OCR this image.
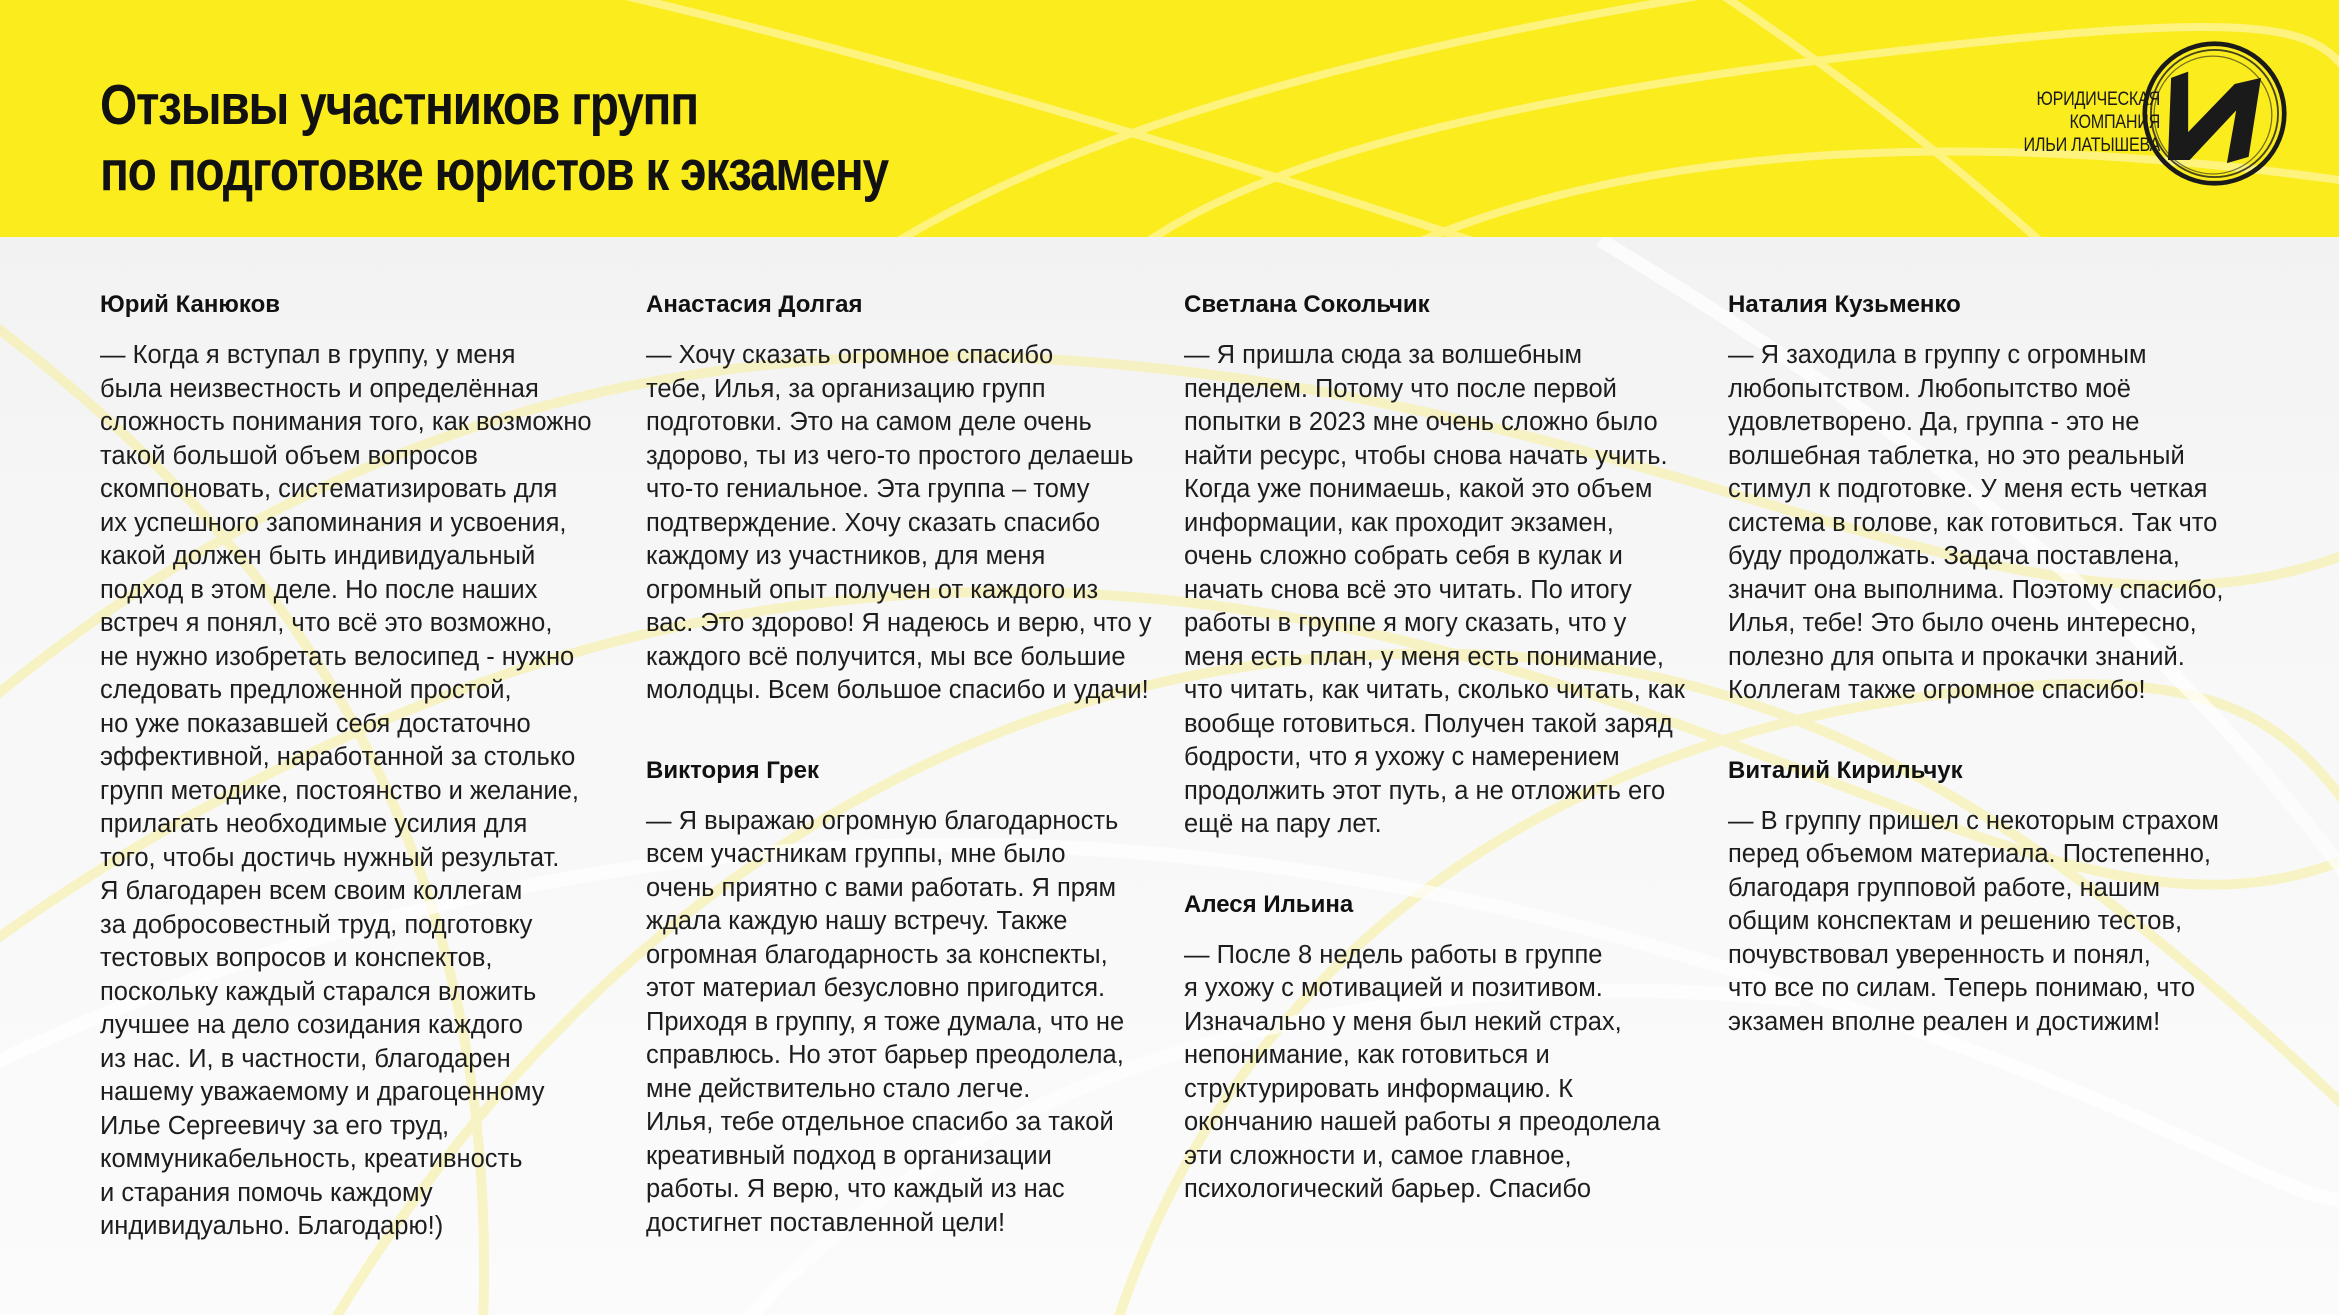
Отзывы участников групп
по подготовке юристов к экзамену
ЮРИДИЧЕСКАЯ
КОМПАНИЯ
ИЛЬИ ЛАТЫШЕВА

Юрий Канюков

— Когда я вступал в группу, у меня
была неизвестность и определённая
сложность понимания того, как возможно
такой большой объем вопросов
скомпоновать, систематизировать для
их успешного запоминания и усвоения,
какой должен быть индивидуальный
подход в этом деле. Но после наших
встреч я понял, что всё это возможно,
не нужно изобретать велосипед - нужно
следовать предложенной простой,
но уже показавшей себя достаточно
эффективной, наработанной за столько
групп методике, постоянство и желание,
прилагать необходимые усилия для
того, чтобы достичь нужный результат.
Я благодарен всем своим коллегам
за добросовестный труд, подготовку
тестовых вопросов и конспектов,
поскольку каждый старался вложить
лучшее на дело созидания каждого
из нас. И, в частности, благодарен
нашему уважаемому и драгоценному
Илье Сергеевичу за его труд,
коммуникабельность, креативность
и старания помочь каждому
индивидуально. Благодарю!)

Анастасия Долгая

— Хочу сказать огромное спасибо
тебе, Илья, за организацию групп
подготовки. Это на самом деле очень
здорово, ты из чего-то простого делаешь
что-то гениальное. Эта группа – тому
подтверждение. Хочу сказать спасибо
каждому из участников, для меня
огромный опыт получен от каждого из
вас. Это здорово! Я надеюсь и верю, что у
каждого всё получится, мы все большие
молодцы. Всем большое спасибо и удачи!

Виктория Грек

— Я выражаю огромную благодарность
всем участникам группы, мне было
очень приятно с вами работать. Я прям
ждала каждую нашу встречу. Также
огромная благодарность за конспекты,
этот материал безусловно пригодится.
Приходя в группу, я тоже думала, что не
справлюсь. Но этот барьер преодолела,
мне действительно стало легче.
Илья, тебе отдельное спасибо за такой
креативный подход в организации
работы. Я верю, что каждый из нас
достигнет поставленной цели!

Светлана Сокольчик

— Я пришла сюда за волшебным
пенделем. Потому что после первой
попытки в 2023 мне очень сложно было
найти ресурс, чтобы снова начать учить.
Когда уже понимаешь, какой это объем
информации, как проходит экзамен,
очень сложно собрать себя в кулак и
начать снова всё это читать. По итогу
работы в группе я могу сказать, что у
меня есть план, у меня есть понимание,
что читать, как читать, сколько читать, как
вообще готовиться. Получен такой заряд
бодрости, что я ухожу с намерением
продолжить этот путь, а не отложить его
ещё на пару лет.

Алеся Ильина

— После 8 недель работы в группе
я ухожу с мотивацией и позитивом.
Изначально у меня был некий страх,
непонимание, как готовиться и
структурировать информацию. К
окончанию нашей работы я преодолела
эти сложности и, самое главное,
психологический барьер. Спасибо

Наталия Кузьменко

— Я заходила в группу с огромным
любопытством. Любопытство моё
удовлетворено. Да, группа - это не
волшебная таблетка, но это реальный
стимул к подготовке. У меня есть четкая
система в голове, как готовиться. Так что
буду продолжать. Задача поставлена,
значит она выполнима. Поэтому спасибо,
Илья, тебе! Это было очень интересно,
полезно для опыта и прокачки знаний.
Коллегам также огромное спасибо!

Виталий Кирильчук

— В группу пришел с некоторым страхом
перед объемом материала. Постепенно,
благодаря групповой работе, нашим
общим конспектам и решению тестов,
почувствовал уверенность и понял,
что все по силам. Теперь понимаю, что
экзамен вполне реален и достижим!
